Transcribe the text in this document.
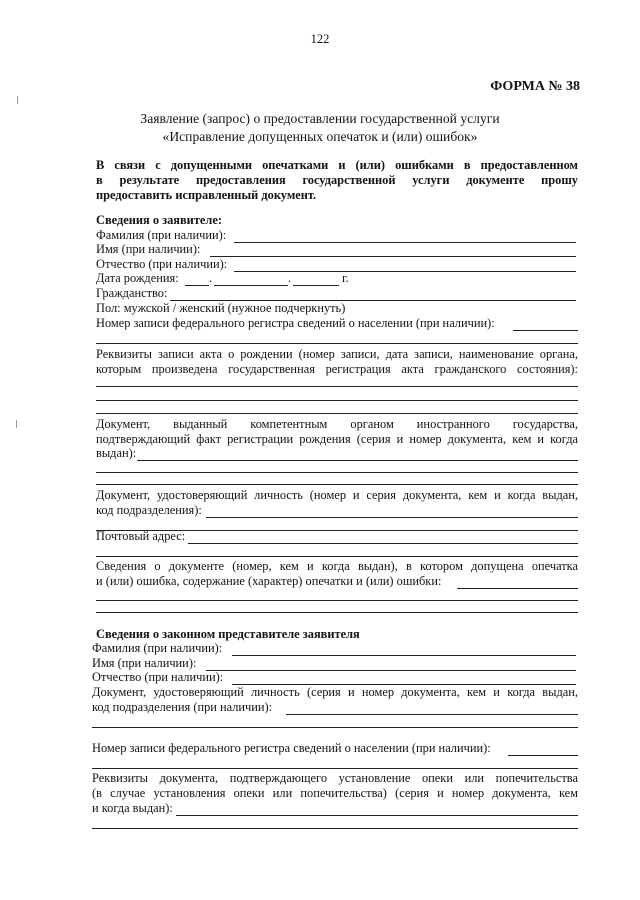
122
ФОРМА № 38
Заявление (запрос) о предоставлении государственной услуги
«Исправление допущенных опечаток и (или) ошибок»
В связи с допущенными опечатками и (или) ошибками в предоставленном
в результате предоставления государственной услуги документе прошу
предоставить исправленный документ.
Сведения о заявителе:
Фамилия (при наличии):
Имя (при наличии):
Отчество (при наличии):
Дата рождения: .	.	г.
Гражданство:
Пол: мужской / женский (нужное подчеркнуть)
Номер записи федерального регистра сведений о населении (при наличии):
Реквизиты записи акта о рождении (номер записи, дата записи, наименование органа,
которым произведена государственная регистрация акта гражданского состояния):
Документ, выданный компетентным органом иностранного государства,
подтверждающий факт регистрации рождения (серия и номер документа, кем и когда
выдан):
Документ, удостоверяющий личность (номер и серия документа, кем и когда выдан,
код подразделения):
Почтовый адрес:
Сведения о документе (номер, кем и когда выдан), в котором допущена опечатка
и (или) ошибка, содержание (характер) опечатки и (или) ошибки:
Сведения о законном представителе заявителя
Фамилия (при наличии):
Имя (при наличии):
Отчество (при наличии):
Документ, удостоверяющий личность (серия и номер документа, кем и когда выдан,
код подразделения (при наличии):
Номер записи федерального регистра сведений о населении (при наличии):
Реквизиты документа, подтверждающего установление опеки или попечительства
(в случае установления опеки или попечительства) (серия и номер документа, кем
и когда выдан):
